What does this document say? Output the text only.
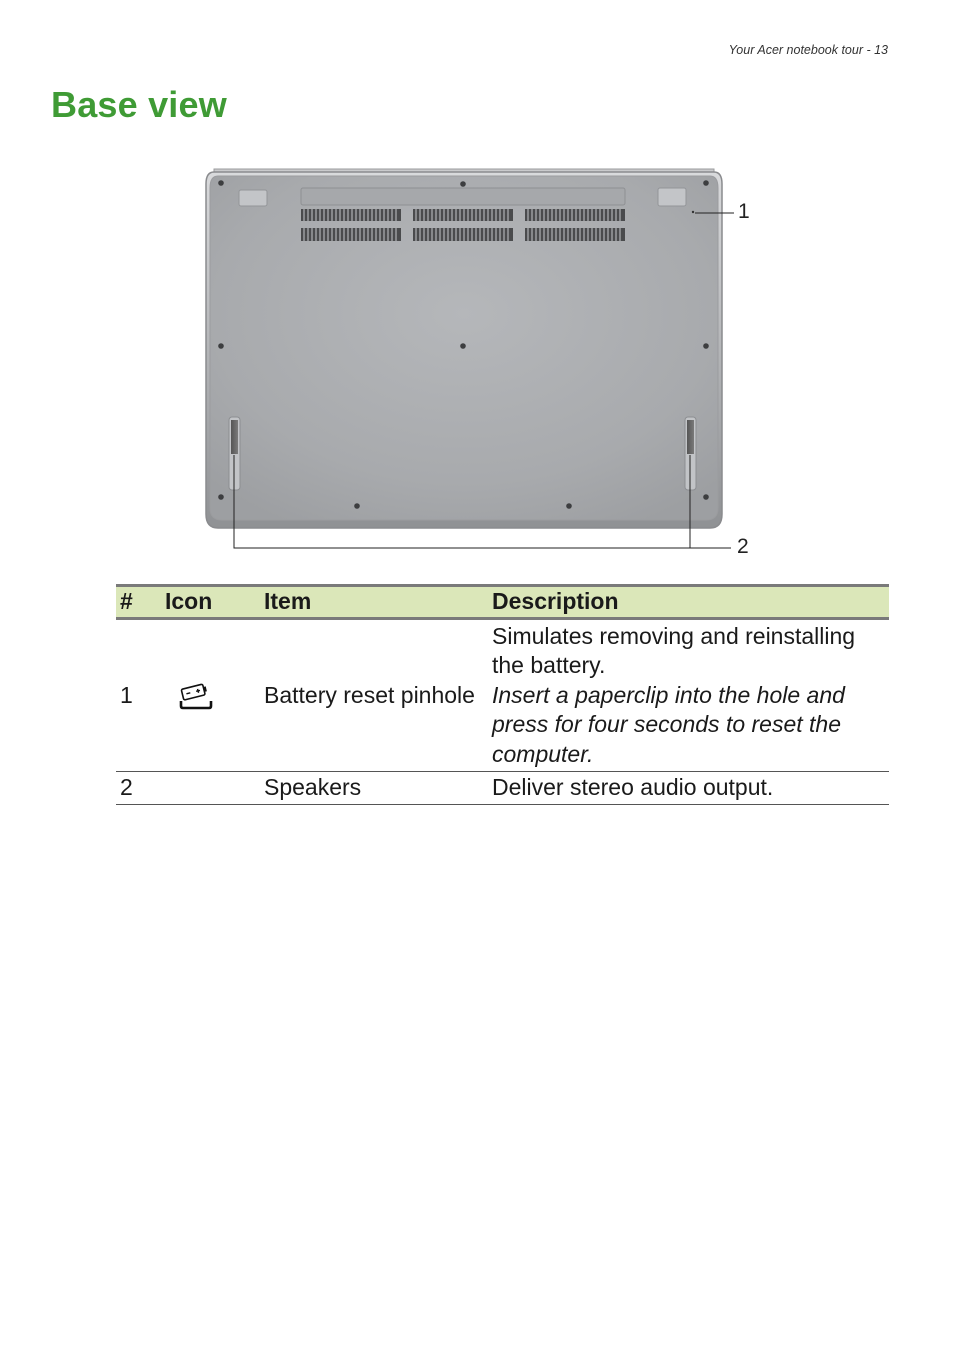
Your Acer notebook tour - 13
Base view
1
2
#	Icon	Item	Description
1		Battery reset pinhole	Simulates removing and reinstalling the battery.
Insert a paperclip into the hole and press for four seconds to reset the computer.

2		Speakers	Deliver stereo audio output.
